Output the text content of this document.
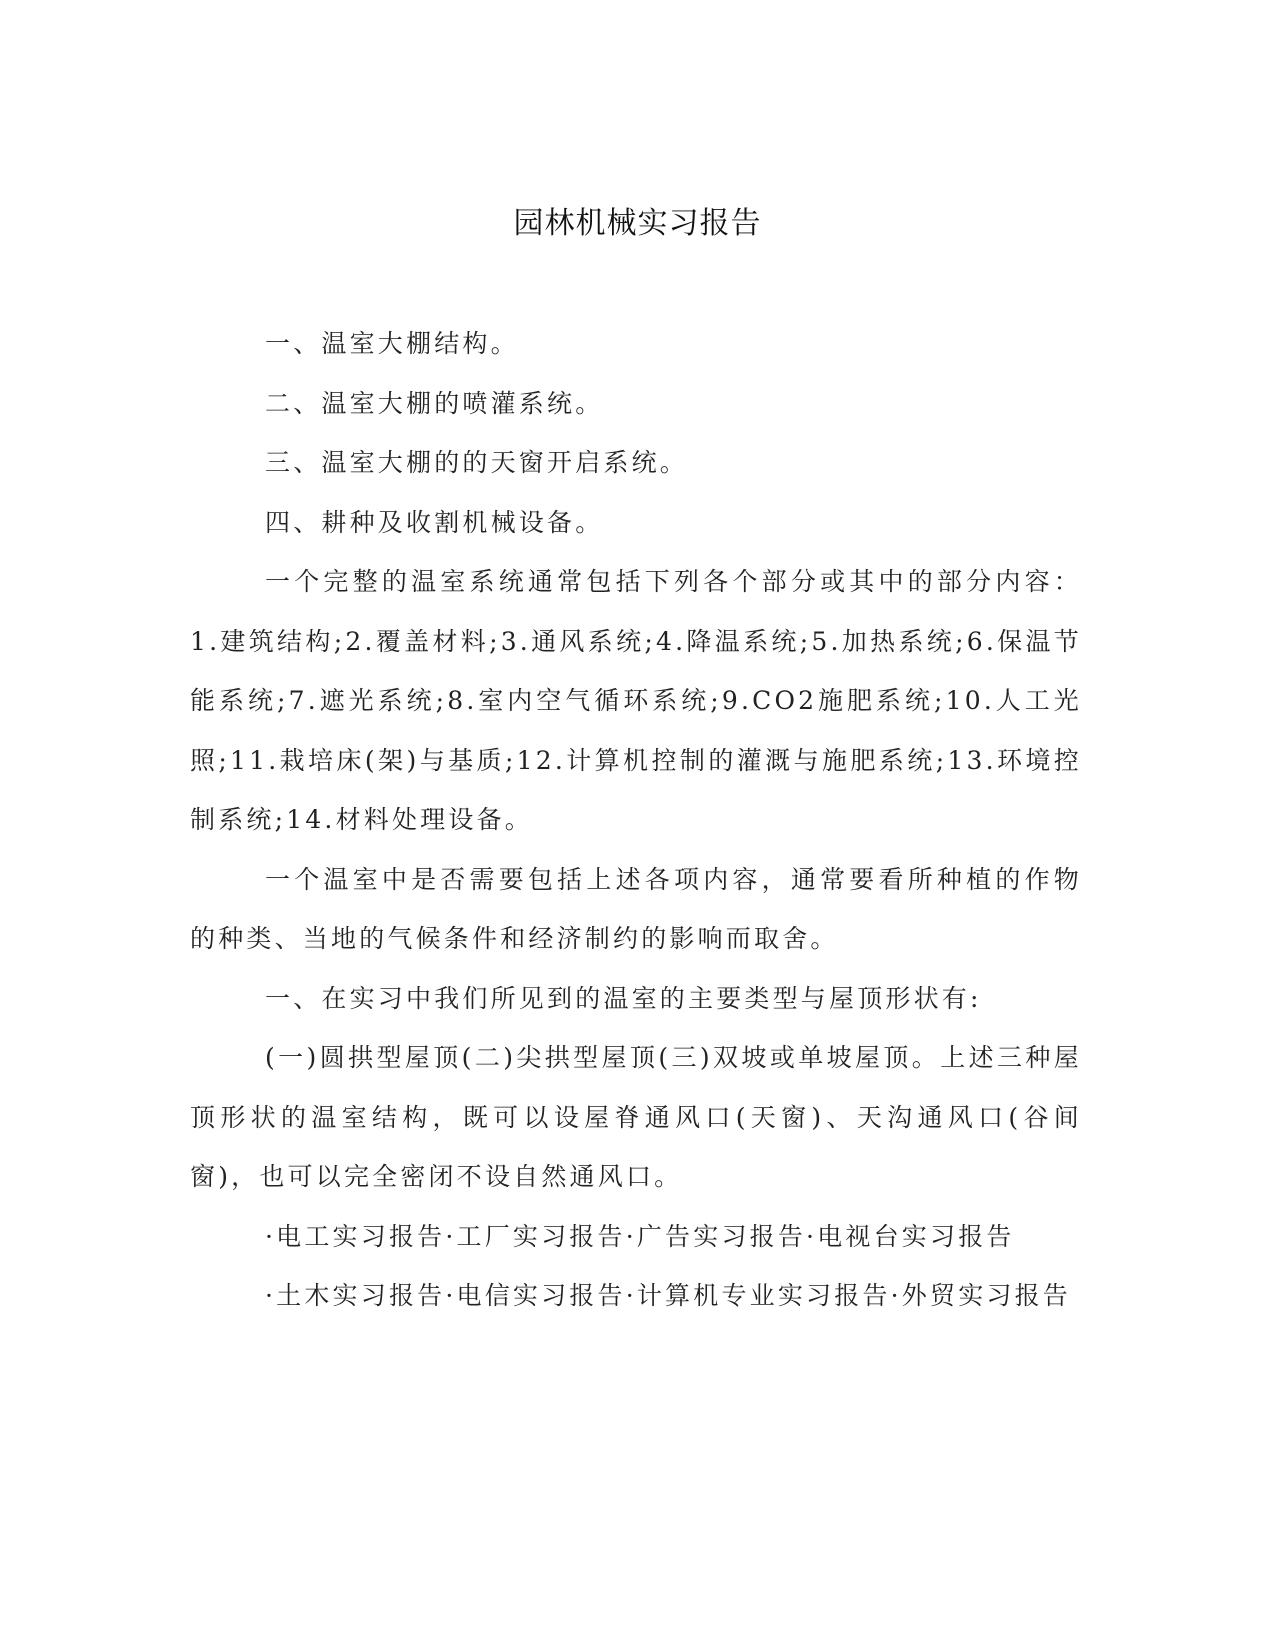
园林机械实习报告

一、温室大棚结构。

二、温室大棚的喷灌系统。

三、温室大棚的的天窗开启系统。

四、耕种及收割机械设备。

一个完整的温室系统通常包括下列各个部分或其中的部分内容：1.建筑结构;2.覆盖材料;3.通风系统;4.降温系统;5.加热系统;6.保温节能系统;7.遮光系统;8.室内空气循环系统;9.CO2施肥系统;10.人工光照;11.栽培床(架)与基质;12.计算机控制的灌溉与施肥系统;13.环境控制系统;14.材料处理设备。

一个温室中是否需要包括上述各项内容，通常要看所种植的作物的种类、当地的气候条件和经济制约的影响而取舍。

一、在实习中我们所见到的温室的主要类型与屋顶形状有:

(一)圆拱型屋顶(二)尖拱型屋顶(三)双坡或单坡屋顶。上述三种屋顶形状的温室结构，既可以设屋脊通风口(天窗)、天沟通风口(谷间窗)，也可以完全密闭不设自然通风口。

·电工实习报告·工厂实习报告·广告实习报告·电视台实习报告

·土木实习报告·电信实习报告·计算机专业实习报告·外贸实习报告
